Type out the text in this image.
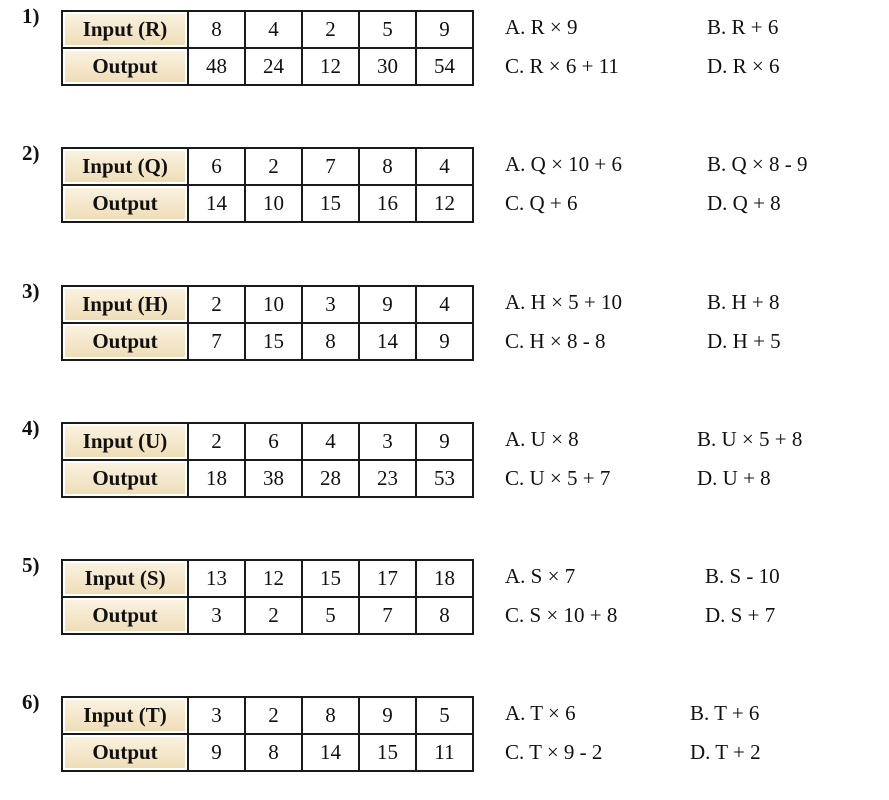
1)
Input (R)	8	4	2	5	9
Output	48	24	12	30	54
A. R × 9	B. R + 6
C. R × 6 + 11	D. R × 6
2)
Input (Q)	6	2	7	8	4
Output	14	10	15	16	12
A. Q × 10 + 6	B. Q × 8 - 9
C. Q + 6	D. Q + 8
3)
Input (H)	2	10	3	9	4
Output	7	15	8	14	9
A. H × 5 + 10	B. H + 8
C. H × 8 - 8	D. H + 5
4)
Input (U)	2	6	4	3	9
Output	18	38	28	23	53
A. U × 8	B. U × 5 + 8
C. U × 5 + 7	D. U + 8
5)
Input (S)	13	12	15	17	18
Output	3	2	5	7	8
A. S × 7	B. S - 10
C. S × 10 + 8	D. S + 7
6)
Input (T)	3	2	8	9	5
Output	9	8	14	15	11
A. T × 6	B. T + 6
C. T × 9 - 2	D. T + 2
